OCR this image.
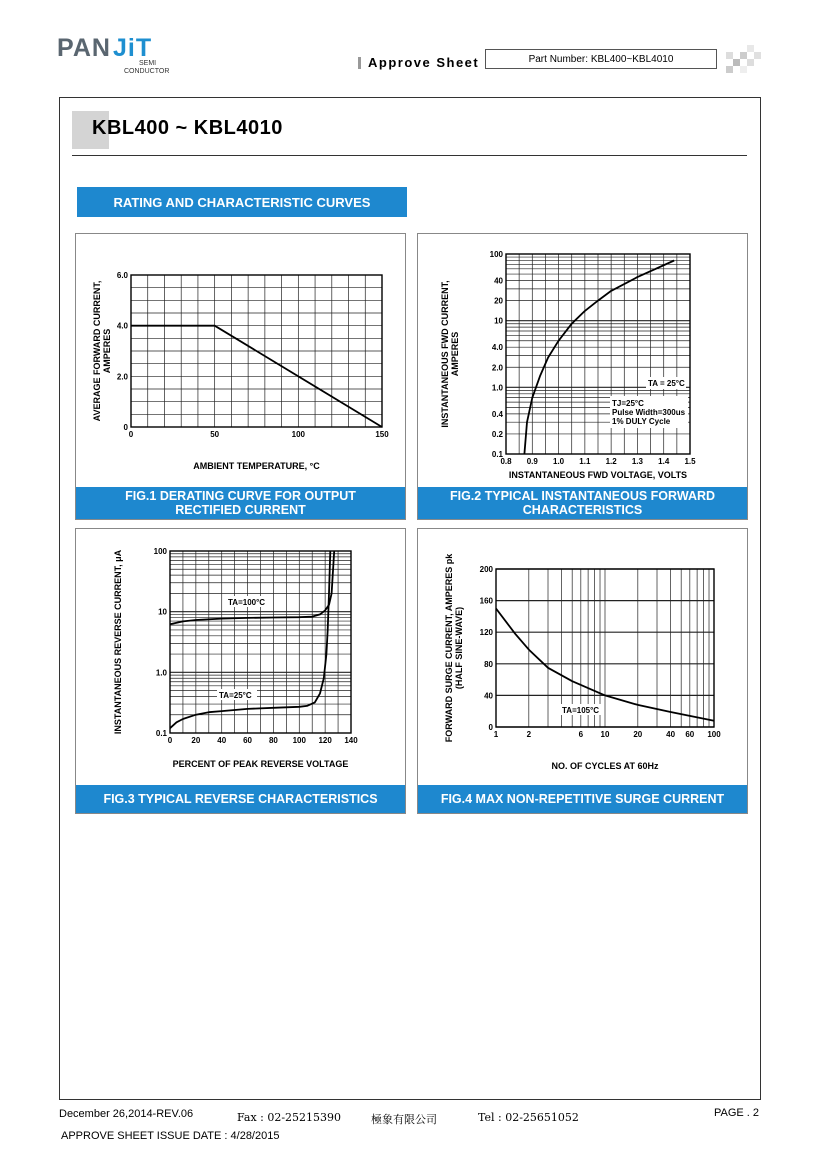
PAN JiT
SEMI
CONDUCTOR
Approve Sheet	Part Number: KBL400~KBL4010
KBL400 ~ KBL4010
RATING AND CHARACTERISTIC CURVES
0	50	100	150
0
2.0
4.0
6.0
AMBIENT TEMPERATURE, °C
AVERAGE FORWARD CURRENT, AMPERES
FIG.1 DERATING CURVE FOR OUTPUT
RECTIFIED CURRENT
0.8 0.9 1.0 1.1 1.2 1.3 1.4 1.5
0.1
0.2
0.4
1.0
2.0
4.0
10
20
40
100
INSTANTANEOUS FWD VOLTAGE, VOLTS
INSTANTANEOUS FWD CURRENT, AMPERES
TA = 25°C
TJ=25°C
Pulse Width=300us
1% DULY Cycle
FIG.2 TYPICAL INSTANTANEOUS FORWARD
CHARACTERISTICS
0 20 40 60 80 100 120 140
0.1
1.0
10
100
PERCENT OF PEAK REVERSE VOLTAGE
INSTANTANEOUS REVERSE CURRENT, μA	TA=100°C
TA=25°C
FIG.3 TYPICAL REVERSE CHARACTERISTICS
1	2	6 10	20	40 60 100
0
40
80
120
160
200
NO. OF CYCLES AT 60Hz
FORWARD SURGE CURRENT, AMPERES pk (HALF SINE-WAVE)
TA=105°C
FIG.4 MAX NON-REPETITIVE SURGE CURRENT
December 26,2014-REV.06	Fax : 02-25215390	極象有限公司	Tel : 02-25651052	PAGE . 2
APPROVE SHEET ISSUE DATE : 4/28/2015
